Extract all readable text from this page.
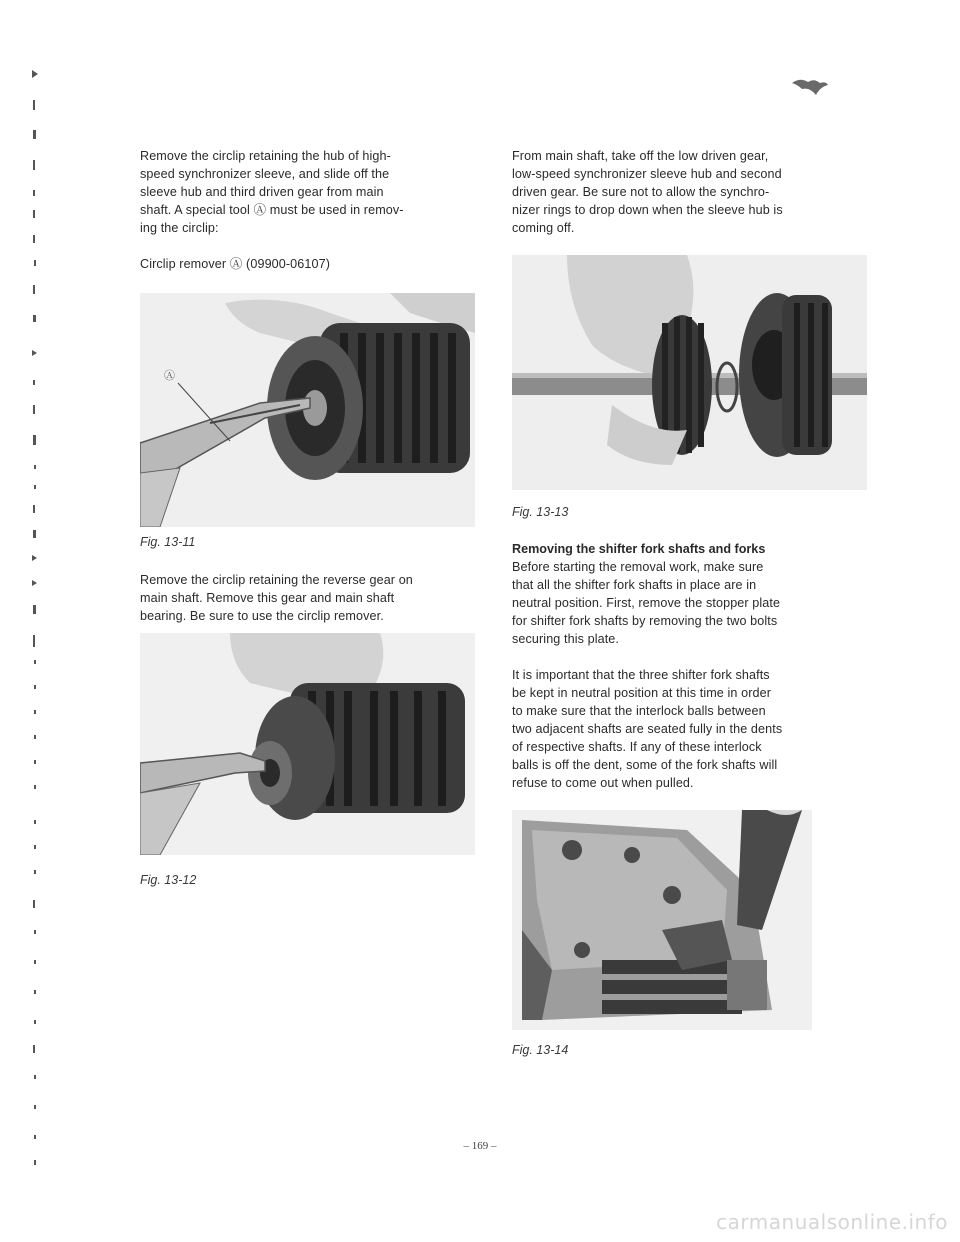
Remove the circlip retaining the hub of high-
speed synchronizer sleeve, and slide off the
sleeve hub and third driven gear from main
shaft. A special tool Ⓐ must be used in remov-
ing the circlip:

Circlip remover Ⓐ (09900-06107)

Ⓐ
Fig. 13-11

Remove the circlip retaining the reverse gear on
main shaft. Remove this gear and main shaft
bearing. Be sure to use the circlip remover.

Fig. 13-12

From main shaft, take off the low driven gear,
low-speed synchronizer sleeve hub and second
driven gear. Be sure not to allow the synchro-
nizer rings to drop down when the sleeve hub is
coming off.

Fig. 13-13
Removing the shifter fork shafts and forks

Before starting the removal work, make sure
that all the shifter fork shafts in place are in
neutral position. First, remove the stopper plate
for shifter fork shafts by removing the two bolts
securing this plate.

It is important that the three shifter fork shafts
be kept in neutral position at this time in order
to make sure that the interlock balls between
two adjacent shafts are seated fully in the dents
of respective shafts. If any of these interlock
balls is off the dent, some of the fork shafts will
refuse to come out when pulled.

Fig. 13-14
– 169 –
carmanualsonline.info
